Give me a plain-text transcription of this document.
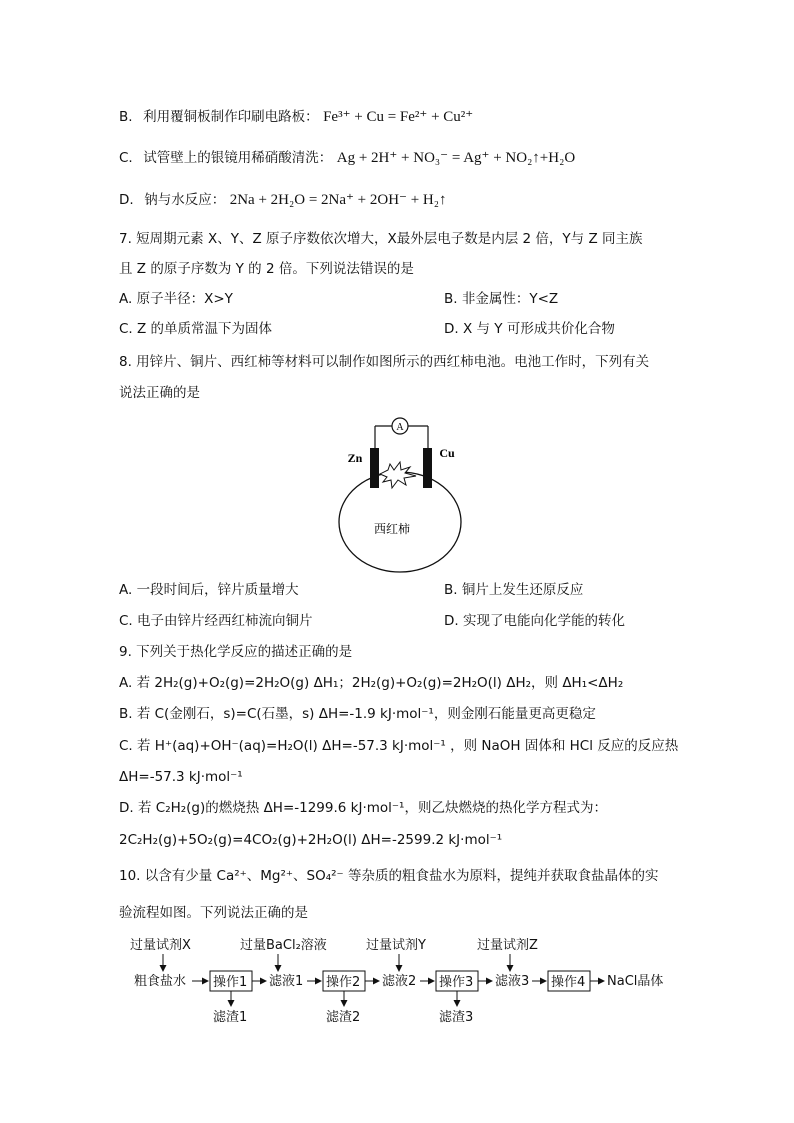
B. 利用覆铜板制作印刷电路板： Fe³⁺ + Cu = Fe²⁺ + Cu²⁺
C. 试管壁上的银镜用稀硝酸清洗： Ag + 2H⁺ + NO₃⁻ = Ag⁺ + NO₂↑+H₂O
D. 钠与水反应： 2Na + 2H₂O = 2Na⁺ + 2OH⁻ + H₂↑
7. 短周期元素 X、Y、Z 原子序数依次增大，X最外层电子数是内层 2 倍，Y与 Z 同主族
且 Z 的原子序数为 Y 的 2 倍。下列说法错误的是
A. 原子半径：X>Y	B. 非金属性：Y<Z
C. Z 的单质常温下为固体	D. X 与 Y 可形成共价化合物
8. 用锌片、铜片、西红柿等材料可以制作如图所示的西红柿电池。电池工作时，下列有关
说法正确的是
A
Zn	Cu
西红柿
A. 一段时间后，锌片质量增大	B. 铜片上发生还原反应
C. 电子由锌片经西红柿流向铜片	D. 实现了电能向化学能的转化
9. 下列关于热化学反应的描述正确的是
A. 若 2H₂(g)+O₂(g)=2H₂O(g) ΔH₁；2H₂(g)+O₂(g)=2H₂O(l) ΔH₂，则 ΔH₁<ΔH₂
B. 若 C(金刚石，s)=C(石墨，s) ΔH=-1.9 kJ·mol⁻¹，则金刚石能量更高更稳定
C. 若 H⁺(aq)+OH⁻(aq)=H₂O(l) ΔH=-57.3 kJ·mol⁻¹ ，则 NaOH 固体和 HCl 反应的反应热
ΔH=-57.3 kJ·mol⁻¹
D. 若 C₂H₂(g)的燃烧热 ΔH=-1299.6 kJ·mol⁻¹，则乙炔燃烧的热化学方程式为：
2C₂H₂(g)+5O₂(g)=4CO₂(g)+2H₂O(l) ΔH=-2599.2 kJ·mol⁻¹
10. 以含有少量 Ca²⁺、Mg²⁺、SO₄²⁻ 等杂质的粗食盐水为原料，提纯并获取食盐晶体的实
验流程如图。下列说法正确的是
过量试剂X	过量BaCl₂溶液	过量试剂Y	过量试剂Z
粗食盐水 操作1 滤液1 操作2 滤液2 操作3 滤液3 操作4 NaCl晶体
滤渣1	滤渣2	滤渣3
